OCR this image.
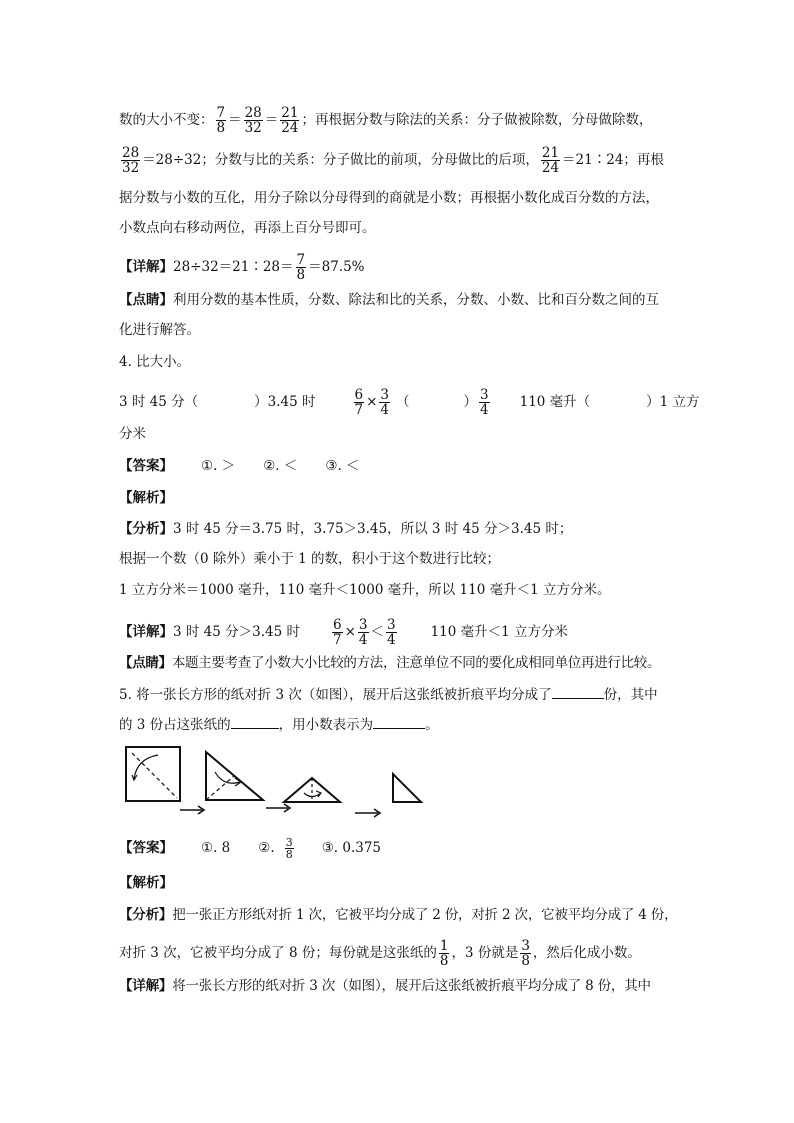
数的大小不变： $\frac{7}{8} = \frac{28}{32} = \frac{21}{24}$ ；再根据分数与除法的关系：分子做被除数，分母做除数，
$\frac{28}{32} =28\div 32$；分数与比的关系：分子做比的前项，分母做比的后项， $\frac{21}{24}$ ＝21∶24；再根
据分数与小数的互化，用分子除以分母得到的商就是小数；再根据小数化成百分数的方法，
小数点向右移动两位，再添上百分号即可。
【详解】28÷32＝21∶28＝ $\frac{7}{8} =87.5\%$
【点睛】利用分数的基本性质，分数、除法和比的关系，分数、小数、比和百分数之间的互
化进行解答。
4. 比大小。
3 时 45 分（	）3.45 时	$\frac{6}{7} \times \frac{3}{4}$ （	） $\frac{3}{4} 110$ 毫升（	）1 立方
分米
【答案】 ①. ＞ ②. ＜ ③. ＜
【解析】
【分析】3 时 45 分＝3.75 时，3.75＞3.45，所以 3 时 45 分＞3.45 时；
根据一个数（0 除外）乘小于 1 的数，积小于这个数进行比较；
1 立方分米＝1000 毫升，110 毫升＜1000 毫升，所以 110 毫升＜1 立方分米。
【详解】3 时 45 分＞3.45 时 $\frac{6}{7} \times \frac{3}{4} < \frac{3}{4}$	110 毫升＜1 立方分米
【点睛】本题主要考查了小数大小比较的方法，注意单位不同的要化成相同单位再进行比较。
5. 将一张长方形的纸对折 3 次（如图），展开后这张纸被折痕平均分成了	份，其中
的 3 份占这张纸的	，用小数表示为	。
【答案】 ①. 8 ②. $\frac{3}{8}$ ③. 0.375
【解析】
【分析】把一张正方形纸对折 1 次，它被平均分成了 2 份，对折 2 次，它被平均分成了 4 份，
对折 3 次，它被平均分成了 8 份；每份就是这张纸的 $\frac{1}{8}$ ，3 份就是 $\frac{3}{8}$ ，然后化成小数。
【详解】将一张长方形的纸对折 3 次（如图），展开后这张纸被折痕平均分成了 8 份，其中
